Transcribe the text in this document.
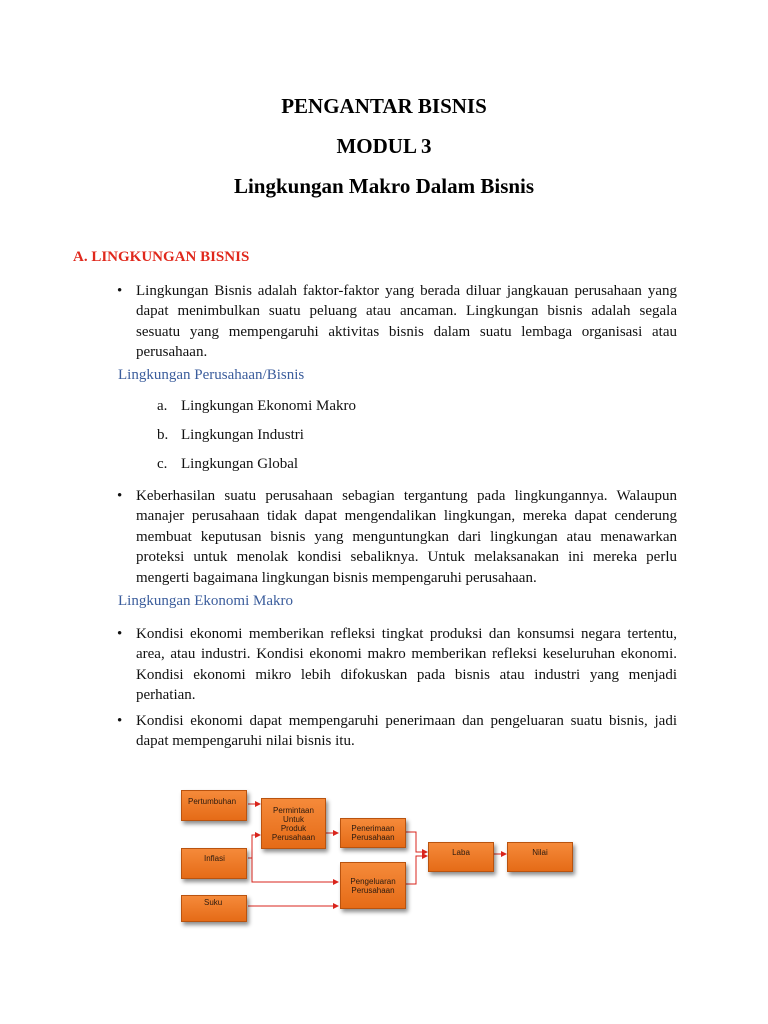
PENGANTAR BISNIS
MODUL 3
Lingkungan Makro Dalam Bisnis
A. LINGKUNGAN BISNIS
• Lingkungan Bisnis adalah faktor-faktor yang berada diluar jangkauan perusahaan yang dapat menimbulkan suatu peluang atau ancaman. Lingkungan bisnis adalah segala sesuatu yang mempengaruhi aktivitas bisnis dalam suatu lembaga organisasi atau perusahaan.
Lingkungan Perusahaan/Bisnis
a. Lingkungan Ekonomi Makro
b. Lingkungan Industri
c. Lingkungan Global
• Keberhasilan suatu perusahaan sebagian tergantung pada lingkungannya. Walaupun manajer perusahaan tidak dapat mengendalikan lingkungan, mereka dapat cenderung membuat keputusan bisnis yang menguntungkan dari lingkungan atau menawarkan proteksi untuk menolak kondisi sebaliknya. Untuk melaksanakan ini mereka perlu mengerti bagaimana lingkungan bisnis mempengaruhi perusahaan.
Lingkungan Ekonomi Makro
• Kondisi ekonomi memberikan refleksi tingkat produksi dan konsumsi negara tertentu, area, atau industri. Kondisi ekonomi makro memberikan refleksi keseluruhan ekonomi. Kondisi ekonomi mikro lebih difokuskan pada bisnis atau industri yang menjadi perhatian.
• Kondisi ekonomi dapat mempengaruhi penerimaan dan pengeluaran suatu bisnis, jadi dapat mempengaruhi nilai bisnis itu.
Pertumbuhan
Inflasi
Suku
Permintaan
Untuk
Produk
Perusahaan
Penerimaan
Perusahaan
Pengeluaran
Perusahaan
Laba	Nilai
